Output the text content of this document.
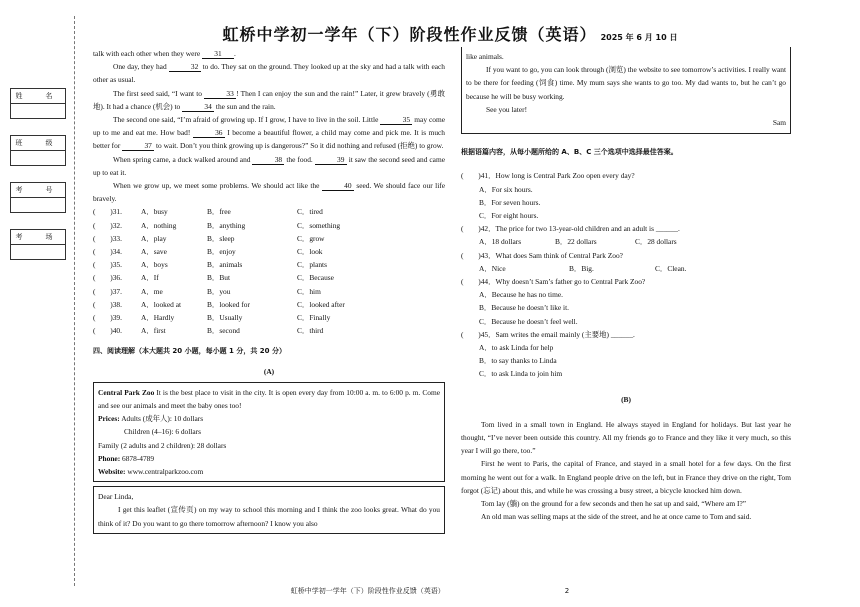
虹桥中学初一学年（下）阶段性作业反馈（英语） 2025 年 6 月 10 日
姓　名
班　级
考　号
考　场

talk with each other when they were 31 .

One day, they had	32 to do. They sat on the ground. They looked up at the sky and had a talk with each other as usual.

The first seed said, “I want to	33 ! Then I can enjoy the sun and the rain!” Later, it grew bravely (勇敢地). It had a chance (机会) to	34 the sun and the rain.

The second one said, “I’m afraid of growing up. If I grow, I have to live in the soil. Little	35 may come up to me and eat me. How bad!	36 I become a beautiful flower, a child may come and pick me. It is much better for	37 to wait. Don’t you think growing up is dangerous?” So it did nothing and refused (拒绝) to grow.

When spring came, a duck walked around and	38 the food.	39 it saw the second seed and came up to eat it.

When we grow up, we meet some problems. We should act like the	40 seed. We should face our life bravely.

(　　)31.	A．busy	B．free	C．tired
(　　)32.	A．nothing	B．anything	C．something
(　　)33.	A．play	B．sleep	C．grow
(　　)34.	A．save	B．enjoy	C．look
(　　)35.	A．boys	B．animals	C．plants
(　　)36.	A．If	B．But	C．Because
(　　)37.	A．me	B．you	C．him
(　　)38.	A．looked at	B．looked for	C．looked after
(　　)39.	A．Hardly	B．Usually	C．Finally
(　　)40.	A．first	B．second	C．third
四、阅读理解（本大题共 20 小题，每小题 1 分，共 20 分）
(A)

Central Park Zoo It is the best place to visit in the city. It is open every day from 10:00 a. m. to 6:00 p. m. Come and see our animals and meet the baby ones too!

Prices: Adults (成年人): 10 dollars

Children (4–16): 6 dollars

Family (2 adults and 2 children): 28 dollars

Phone: 6878-4789

Website: www.centralparkzoo.com

Dear Linda,

I get this leaflet (宣传页) on my way to school this morning and I think the zoo looks great. What do you think of it? Do you want to go there tomorrow afternoon? I know you also

like animals.

If you want to go, you can look through (浏览) the website to see tomorrow’s activities. I really want to be there for feeding (饲食) time. My mum says she wants to go too. My dad wants to, but he can’t go because he will be busy working.

See you later!

Sam

根据语篇内容，从每小题所给的 A、B、C 三个选项中选择最佳答案。

(　　)41．How long is Central Park Zoo open every day?

A．For six hours.

B．For seven hours.

C．For eight hours.

(　　)42．The price for two 13-year-old children and an adult is ______.

A．18 dollars	B．22 dollars	C．28 dollars

(　　)43．What does Sam think of Central Park Zoo?

A．Nice	B．Big.	C．Clean.

(　　)44．Why doesn’t Sam’s father go to Central Park Zoo?

A．Because he has no time.

B．Because he doesn’t like it.

C．Because he doesn’t feel well.

(　　)45．Sam writes the email mainly (主要地) ______.

A．to ask Linda for help

B．to say thanks to Linda

C．to ask Linda to join him

(B)

Tom lived in a small town in England. He always stayed in England for holidays. But last year he thought, “I’ve never been outside this country. All my friends go to France and they like it very much, so this year I will go there, too.”

First he went to Paris, the capital of France, and stayed in a small hotel for a few days. On the first morning he went out for a walk. In England people drive on the left, but in France they drive on the right, Tom forgot (忘记) about this, and while he was crossing a busy street, a bicycle knocked him down.

Tom lay (躺) on the ground for a few seconds and then he sat up and said, “Where am I?”

An old man was selling maps at the side of the street, and he at once came to Tom and said.

虹桥中学初一学年（下）阶段性作业反馈（英语）	2
